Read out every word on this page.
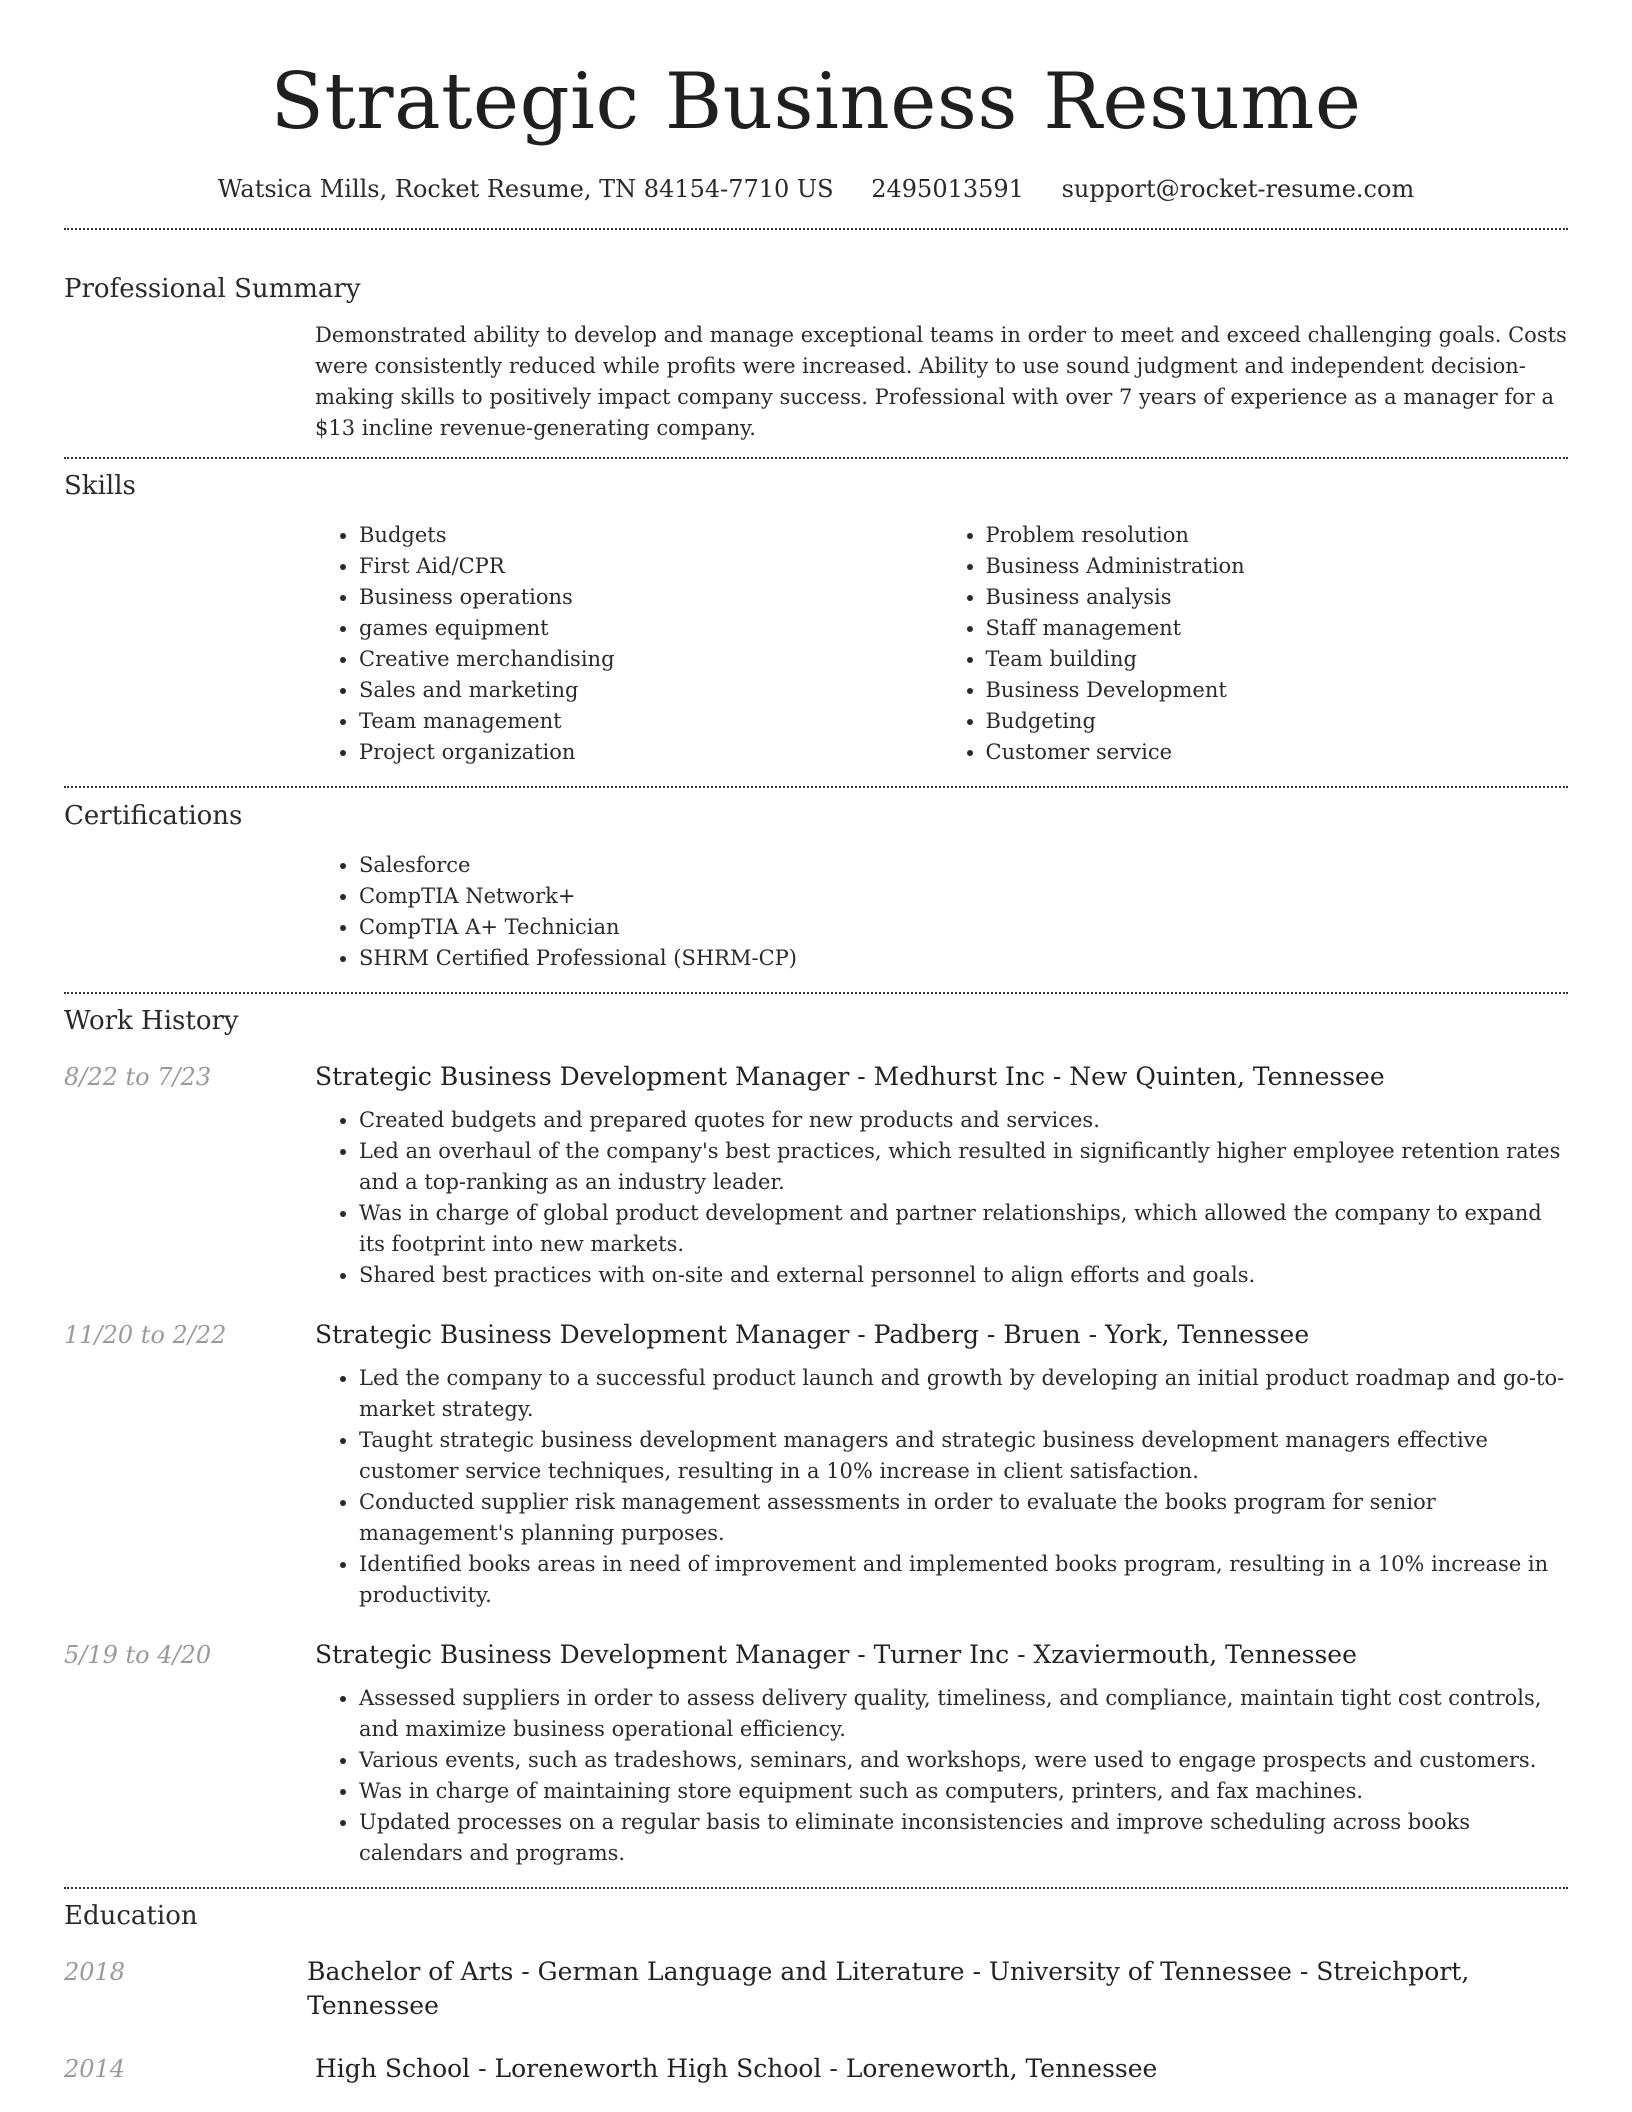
Strategic Business Resume
Watsica Mills, Rocket Resume, TN 84154-7710 US 2495013591 support@rocket-resume.com
Professional Summary
Demonstrated ability to develop and manage exceptional teams in order to meet and exceed challenging goals. Costs were consistently reduced while profits were increased. Ability to use sound judgment and independent decision-making skills to positively impact company success. Professional with over 7 years of experience as a manager for a $13 incline revenue-generating company.
Skills
• Budgets
• First Aid/CPR
• Business operations
• games equipment
• Creative merchandising
• Sales and marketing
• Team management
• Project organization
• Problem resolution
• Business Administration
• Business analysis
• Staff management
• Team building
• Business Development
• Budgeting
• Customer service
Certifications
• Salesforce
• CompTIA Network+
• CompTIA A+ Technician
• SHRM Certified Professional (SHRM-CP)
Work History
8/22 to 7/23	Strategic Business Development Manager - Medhurst Inc - New Quinten, Tennessee
• Created budgets and prepared quotes for new products and services.
• Led an overhaul of the company's best practices, which resulted in significantly higher employee retention rates and a top-ranking as an industry leader.
• Was in charge of global product development and partner relationships, which allowed the company to expand its footprint into new markets.
• Shared best practices with on-site and external personnel to align efforts and goals.
11/20 to 2/22	Strategic Business Development Manager - Padberg - Bruen - York, Tennessee
• Led the company to a successful product launch and growth by developing an initial product roadmap and go-to-market strategy.
• Taught strategic business development managers and strategic business development managers effective customer service techniques, resulting in a 10% increase in client satisfaction.
• Conducted supplier risk management assessments in order to evaluate the books program for senior management's planning purposes.
• Identified books areas in need of improvement and implemented books program, resulting in a 10% increase in productivity.
5/19 to 4/20	Strategic Business Development Manager - Turner Inc - Xzaviermouth, Tennessee
• Assessed suppliers in order to assess delivery quality, timeliness, and compliance, maintain tight cost controls, and maximize business operational efficiency.
• Various events, such as tradeshows, seminars, and workshops, were used to engage prospects and customers.
• Was in charge of maintaining store equipment such as computers, printers, and fax machines.
• Updated processes on a regular basis to eliminate inconsistencies and improve scheduling across books calendars and programs.
Education
2018	Bachelor of Arts - German Language and Literature - University of Tennessee - Streichport, Tennessee
2014	High School - Loreneworth High School - Loreneworth, Tennessee
